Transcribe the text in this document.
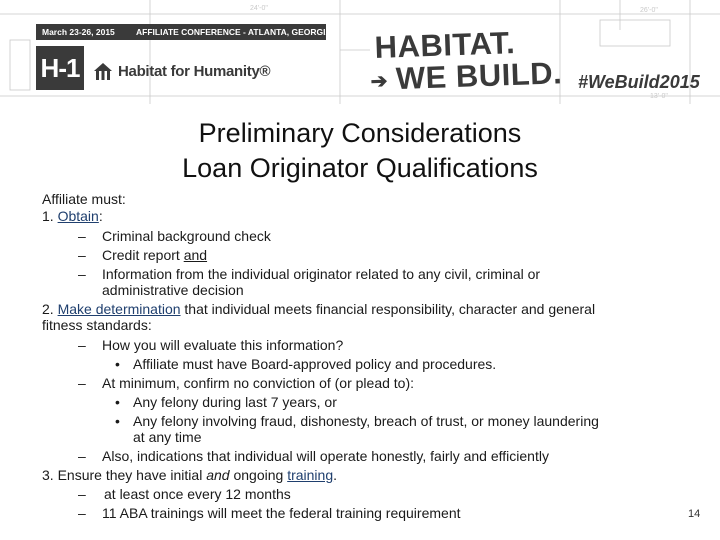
24'-0"	26'-0"
13'-0"
March 23-26, 2015 AFFILIATE CONFERENCE - ATLANTA, GEORGIA
H-1	Habitat for Humanity®
HABITAT.
➔ WE BUILD. #WeBuild2015
Preliminary Considerations
Loan Originator Qualifications
Affiliate must:
1. Obtain:
– Criminal background check
– Credit report and
– Information from the individual originator related to any civil, criminal or
administrative decision
2. Make determination that individual meets financial responsibility, character and general
fitness standards:
– How you will evaluate this information?
• Affiliate must have Board-approved policy and procedures.
– At minimum, confirm no conviction of (or plead to):
• Any felony during last 7 years, or
• Any felony involving fraud, dishonesty, breach of trust, or money laundering
at any time
– Also, indications that individual will operate honestly, fairly and efficiently
3. Ensure they have initial and ongoing training.
– at least once every 12 months
– 11 ABA trainings will meet the federal training requirement	14
